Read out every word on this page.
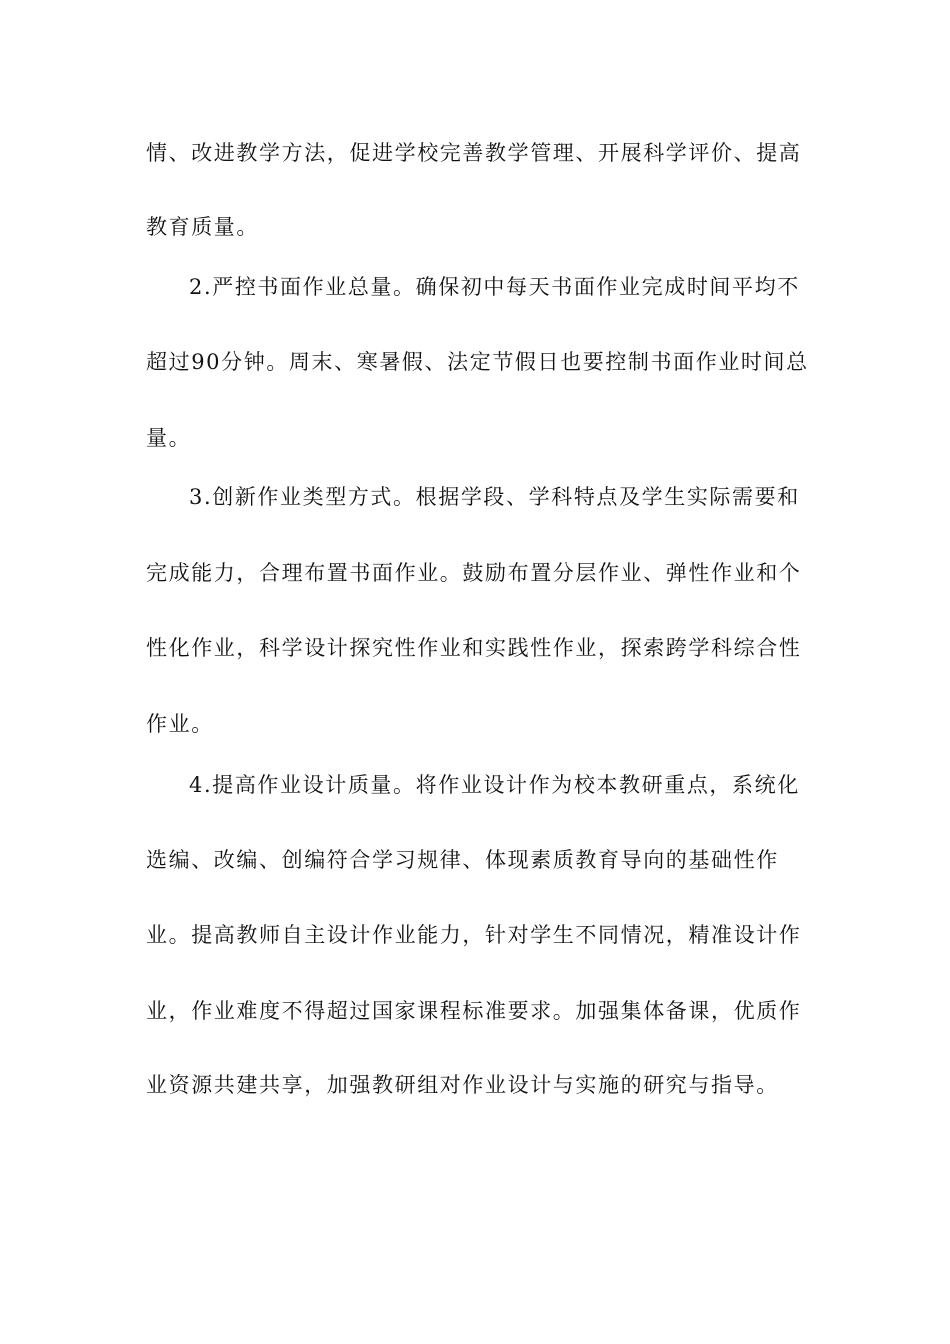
情、改进教学方法，促进学校完善教学管理、开展科学评价、提高
教育质量。
2.严控书面作业总量。确保初中每天书面作业完成时间平均不
超过90分钟。周末、寒暑假、法定节假日也要控制书面作业时间总
量。
3.创新作业类型方式。根据学段、学科特点及学生实际需要和
完成能力，合理布置书面作业。鼓励布置分层作业、弹性作业和个
性化作业，科学设计探究性作业和实践性作业，探索跨学科综合性
作业。
4.提高作业设计质量。将作业设计作为校本教研重点，系统化
选编、改编、创编符合学习规律、体现素质教育导向的基础性作
业。提高教师自主设计作业能力，针对学生不同情况，精准设计作
业，作业难度不得超过国家课程标准要求。加强集体备课，优质作
业资源共建共享，加强教研组对作业设计与实施的研究与指导。
